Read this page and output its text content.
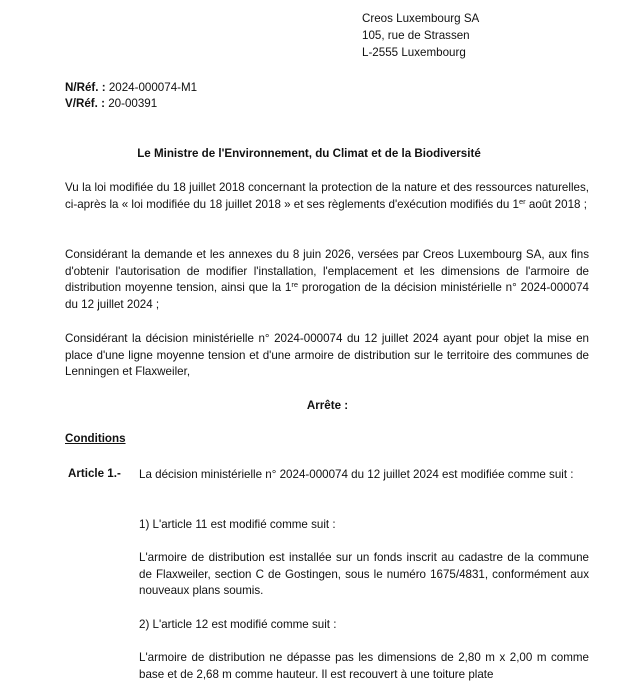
Creos Luxembourg SA
105, rue de Strassen
L-2555 Luxembourg
N/Réf. : 2024-000074-M1
V/Réf. : 20-00391
Le Ministre de l'Environnement, du Climat et de la Biodiversité
Vu la loi modifiée du 18 juillet 2018 concernant la protection de la nature et des ressources naturelles, ci-après la « loi modifiée du 18 juillet 2018 » et ses règlements d'exécution modifiés du 1er août 2018 ;
Considérant la demande et les annexes du 8 juin 2026, versées par Creos Luxembourg SA, aux fins d'obtenir l'autorisation de modifier l'installation, l'emplacement et les dimensions de l'armoire de distribution moyenne tension, ainsi que la 1re prorogation de la décision ministérielle n° 2024-000074 du 12 juillet 2024 ;
Considérant la décision ministérielle n° 2024-000074 du 12 juillet 2024 ayant pour objet la mise en place d'une ligne moyenne tension et d'une armoire de distribution sur le territoire des communes de Lenningen et Flaxweiler,
Arrête :
Conditions
Article 1.- La décision ministérielle n° 2024-000074 du 12 juillet 2024 est modifiée comme suit :
1) L'article 11 est modifié comme suit :
L'armoire de distribution est installée sur un fonds inscrit au cadastre de la commune de Flaxweiler, section C de Gostingen, sous le numéro 1675/4831, conformément aux nouveaux plans soumis.
2) L'article 12 est modifié comme suit :
L'armoire de distribution ne dépasse pas les dimensions de 2,80 m x 2,00 m comme base et de 2,68 m comme hauteur. Il est recouvert à une toiture plate
